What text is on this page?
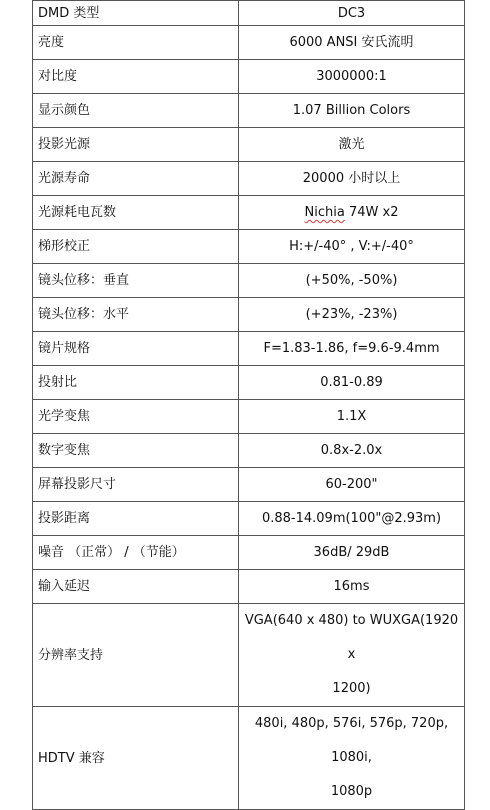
DMD 类型	DC3
亮度	6000 ANSI 安氏流明
对比度	3000000:1
显示颜色	1.07 Billion Colors
投影光源	激光
光源寿命	20000 小时以上
光源耗电瓦数	Nichia 74W x2
梯形校正	H:+/-40° , V:+/-40°
镜头位移：垂直	(+50%, -50%)
镜头位移：水平	(+23%, -23%)
镜片规格	F=1.83-1.86, f=9.6-9.4mm
投射比	0.81-0.89
光学变焦	1.1X
数字变焦	0.8x-2.0x
屏幕投影尺寸	60-200"
投影距离	0.88-14.09m(100"@2.93m)
噪音 （正常） / （节能）	36dB/ 29dB
输入延迟	16ms
分辨率支持	VGA(640 x 480) to WUXGA(1920 x
1200)
HDTV 兼容	480i, 480p, 576i, 576p, 720p, 1080i,
1080p
